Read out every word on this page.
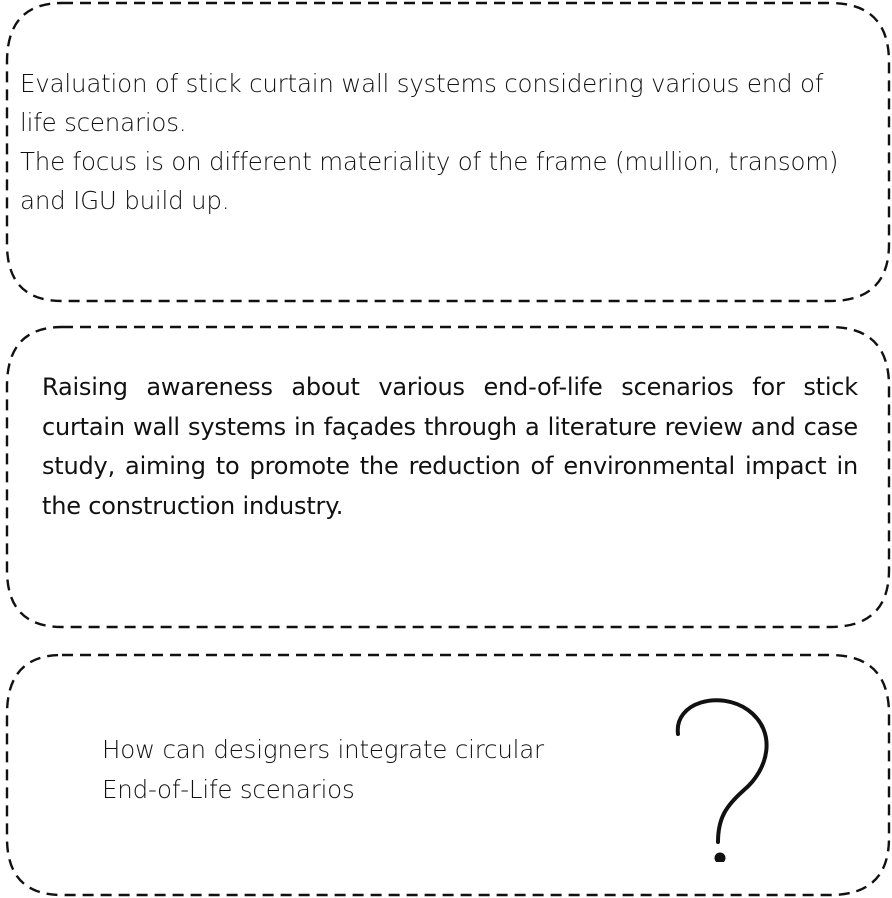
Evaluation of stick curtain wall systems considering various end of life scenarios.
The focus is on different materiality of the frame (mullion, transom) and IGU build up.

Raising awareness about various end-of-life scenarios for stick curtain wall systems in façades through a literature review and case study, aiming to promote the reduction of environmental impact in the construction industry.

How can designers integrate circular
End-of-Life scenarios
